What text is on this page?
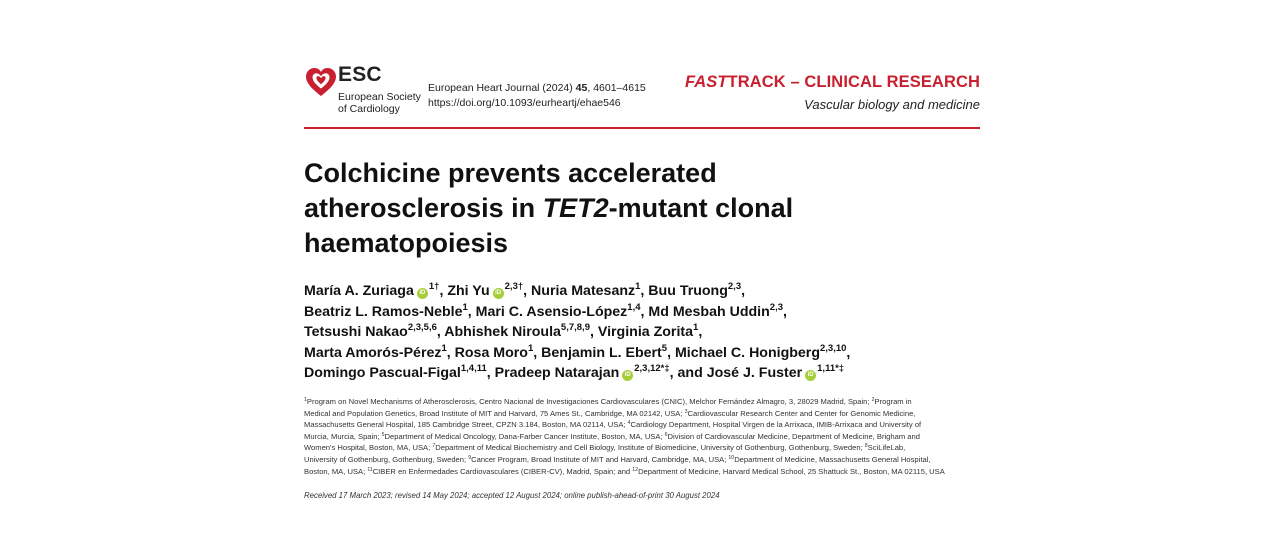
ESC
European Society
of Cardiology
European Heart Journal (2024) 45, 4601–4615
https://doi.org/10.1093/eurheartj/ehae546
FASTTRACK – CLINICAL RESEARCH
Vascular biology and medicine
Colchicine prevents accelerated
atherosclerosis in TET2-mutant clonal
haematopoiesis
María A. Zuriaga $iD^{1\dagger}$, Zhi Yu $iD^{2,3\dagger}$, Nuria Matesanz$^1$, Buu Truong$^{2,3}$,
Beatriz L. Ramos-Neble$^1$, Mari C. Asensio-López$^{1,4}$, Md Mesbah Uddin$^{2,3}$,
Tetsushi Nakao$^{2,3,5,6}$, Abhishek Niroula$^{5,7,8,9}$, Virginia Zorita$^1$,
Marta Amorós-Pérez$^1$, Rosa Moro$^1$, Benjamin L. Ebert$^5$, Michael C. Honigberg$^{2,3,10}$,
Domingo Pascual-Figal$^{1,4,11}$, Pradeep Natarajan $iD^{2,3,12*\ddagger}$, and José J. Fuster $iD^{1,11*\ddagger}$
$^1$Program on Novel Mechanisms of Atherosclerosis, Centro Nacional de Investigaciones Cardiovasculares (CNIC), Melchor Fernández Almagro, 3, 28029 Madrid, Spain; $^2$Program in
Medical and Population Genetics, Broad Institute of MIT and Harvard, 75 Ames St., Cambridge, MA 02142, USA; $^3$Cardiovascular Research Center and Center for Genomic Medicine,
Massachusetts General Hospital, 185 Cambridge Street, CPZN 3.184, Boston, MA 02114, USA; $^4$Cardiology Department, Hospital Virgen de la Arrixaca, IMIB-Arrixaca and University of
Murcia, Murcia, Spain; $^5$Department of Medical Oncology, Dana-Farber Cancer Institute, Boston, MA, USA; $^6$Division of Cardiovascular Medicine, Department of Medicine, Brigham and
Women's Hospital, Boston, MA, USA; $^7$Department of Medical Biochemistry and Cell Biology, Institute of Biomedicine, University of Gothenburg, Gothenburg, Sweden; $^8$SciLifeLab,
University of Gothenburg, Gothenburg, Sweden; $^9$Cancer Program, Broad Institute of MIT and Harvard, Cambridge, MA, USA; $^{10}$Department of Medicine, Massachusetts General Hospital,
Boston, MA, USA; $^{11}$CIBER en Enfermedades Cardiovasculares (CIBER-CV), Madrid, Spain; and $^{12}$Department of Medicine, Harvard Medical School, 25 Shattuck St., Boston, MA 02115, USA
Received 17 March 2023; revised 14 May 2024; accepted 12 August 2024; online publish-ahead-of-print 30 August 2024
